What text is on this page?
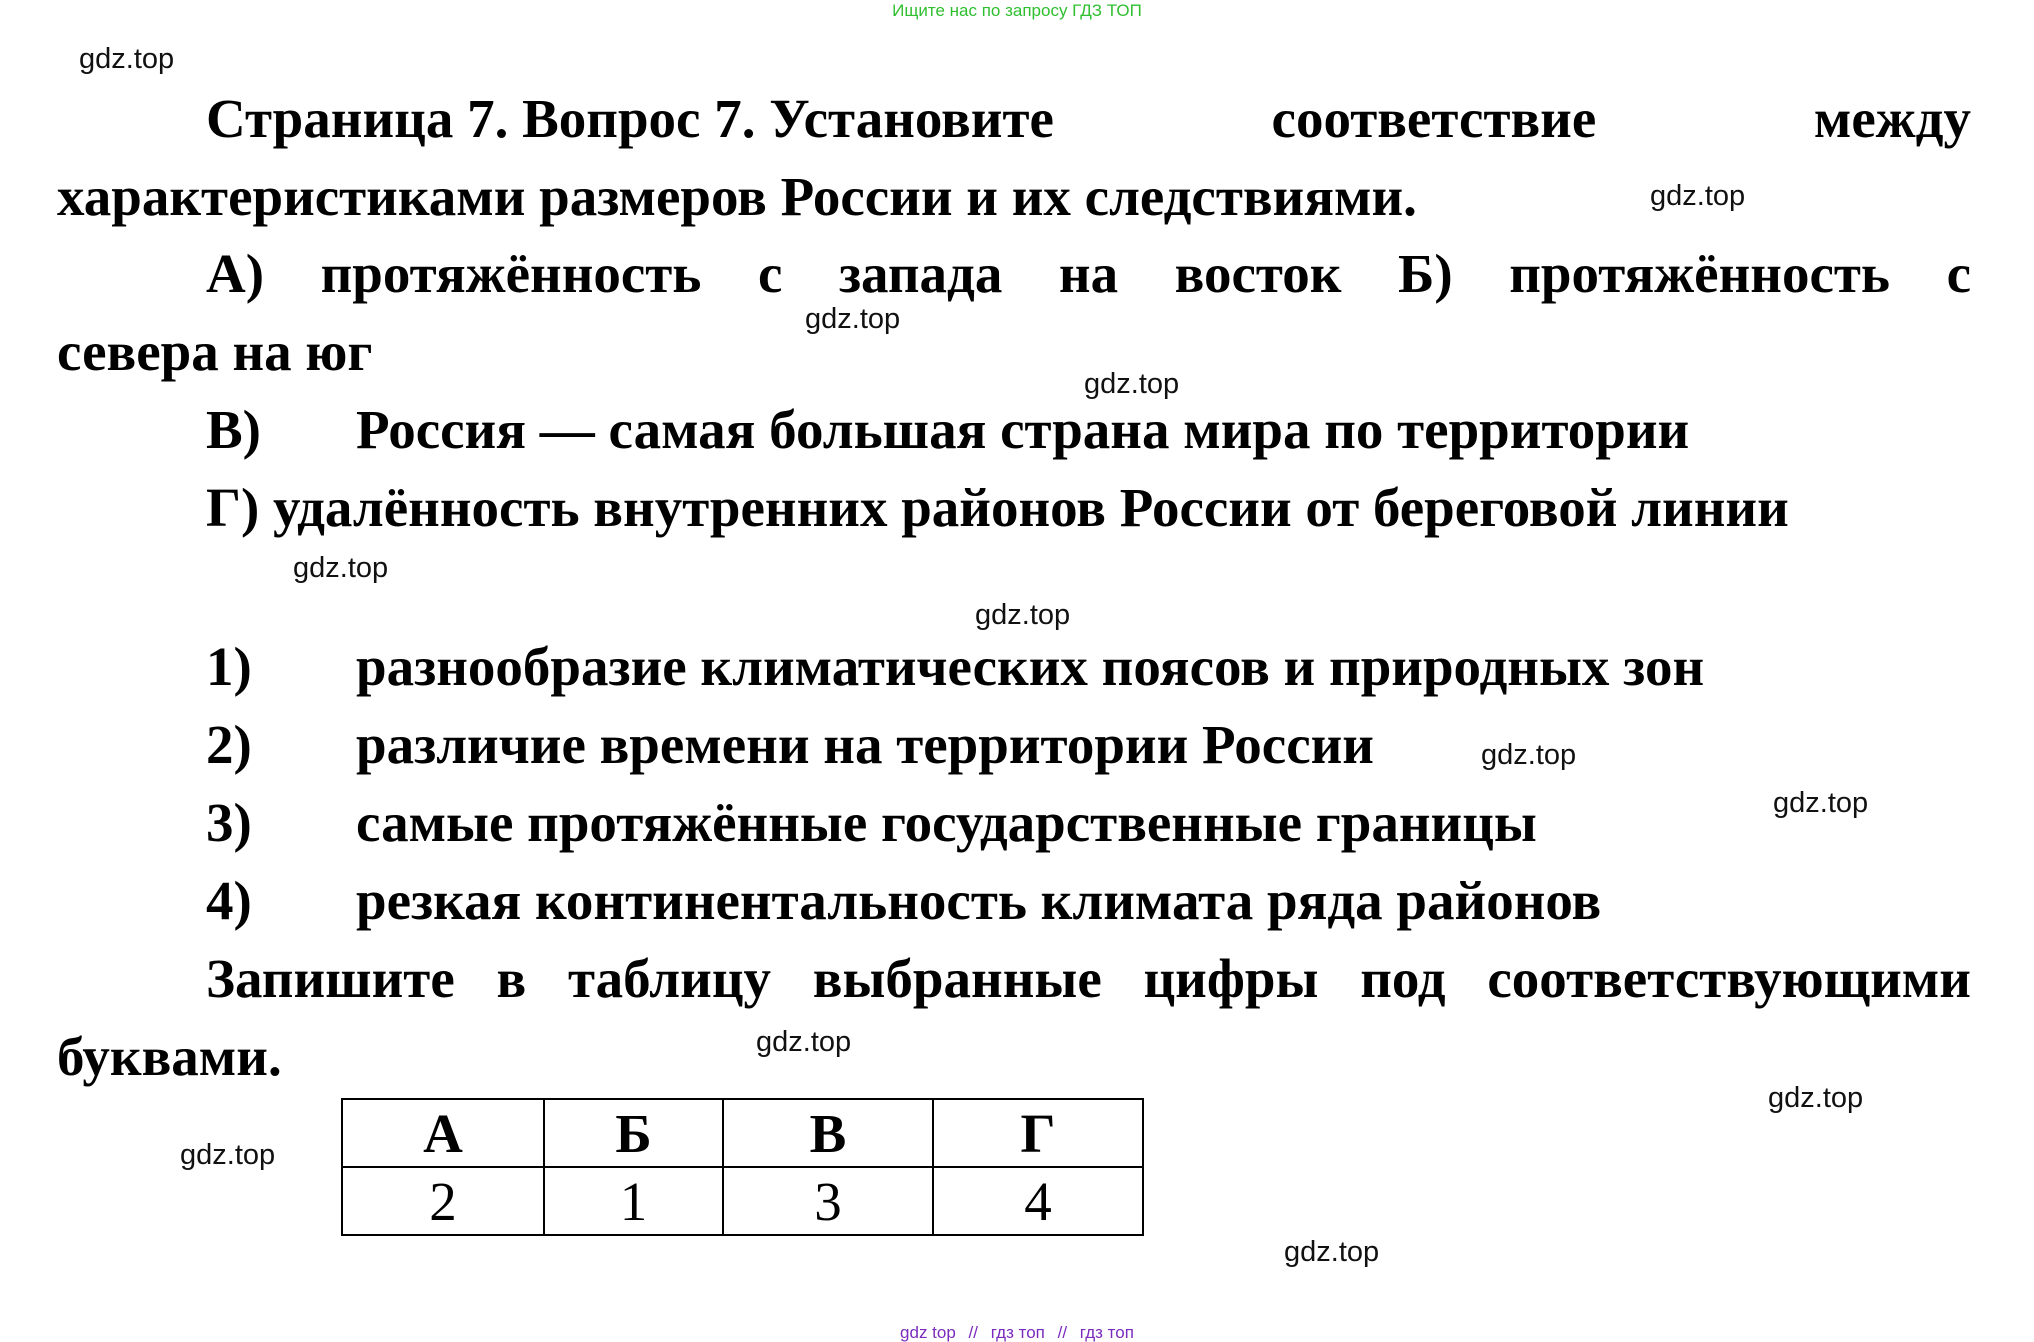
Ищите нас по запросу ГДЗ ТОП
gdz.top
gdz.top
gdz.top
gdz.top
gdz.top
gdz.top
gdz.top
gdz.top
gdz.top
gdz.top
gdz.top
gdz.top
Страница 7. Вопрос 7. Установите	соответствие	между
характеристиками размеров России и их следствиями.
А) протяжённость с запада на восток Б) протяжённость с
севера на юг
В) Россия — самая большая страна мира по территории
Г) удалённость внутренних районов России от береговой линии
1) разнообразие климатических поясов и природных зон
2) различие времени на территории России
3) самые протяжённые государственные границы
4) резкая континентальность климата ряда районов
Запишите в таблицу выбранные цифры под соответствующими
буквами.
А	Б	В	Г
2	1	3	4
gdz top // гдз топ // гдз топ
